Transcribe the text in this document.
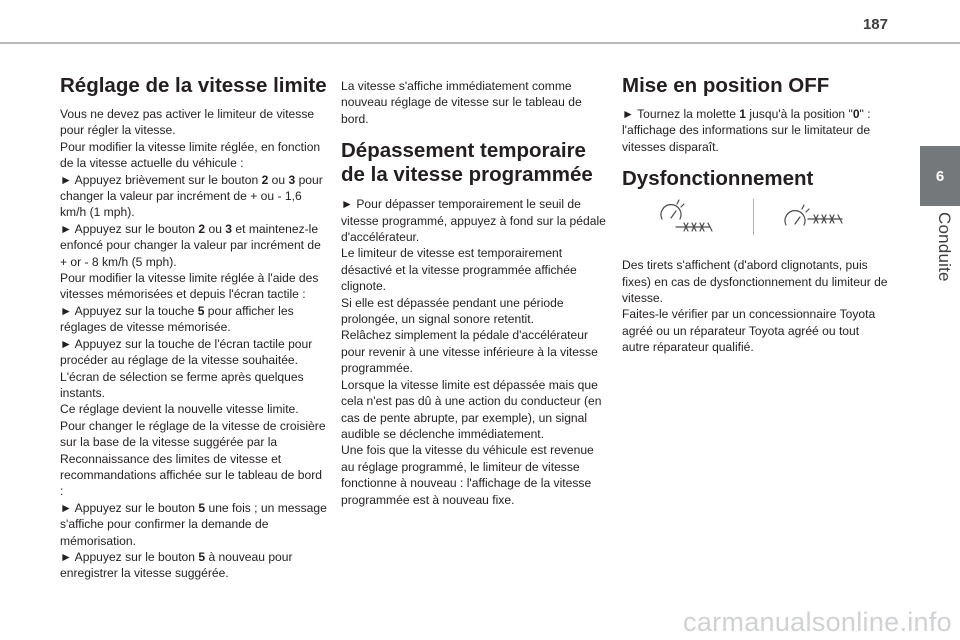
187
6
Conduite
Réglage de la vitesse limite

Vous ne devez pas activer le limiteur de vitesse pour régler la vitesse.

Pour modifier la vitesse limite réglée, en fonction de la vitesse actuelle du véhicule :

► Appuyez brièvement sur le bouton 2 ou 3 pour changer la valeur par incrément de + ou - 1,6 km/h (1 mph).

► Appuyez sur le bouton 2 ou 3 et maintenez-le enfoncé pour changer la valeur par incrément de + or - 8 km/h (5 mph).

Pour modifier la vitesse limite réglée à l'aide des vitesses mémorisées et depuis l'écran tactile :

► Appuyez sur la touche 5 pour afficher les réglages de vitesse mémorisée.

► Appuyez sur la touche de l'écran tactile pour procéder au réglage de la vitesse souhaitée.

L'écran de sélection se ferme après quelques instants.

Ce réglage devient la nouvelle vitesse limite.

Pour changer le réglage de la vitesse de croisière sur la base de la vitesse suggérée par la Reconnaissance des limites de vitesse et recommandations affichée sur le tableau de bord :

► Appuyez sur le bouton 5 une fois ; un message s'affiche pour confirmer la demande de mémorisation.

► Appuyez sur le bouton 5 à nouveau pour enregistrer la vitesse suggérée.

La vitesse s'affiche immédiatement comme nouveau réglage de vitesse sur le tableau de bord.

Dépassement temporaire de la vitesse programmée

► Pour dépasser temporairement le seuil de vitesse programmé, appuyez à fond sur la pédale d'accélérateur.

Le limiteur de vitesse est temporairement désactivé et la vitesse programmée affichée clignote.

Si elle est dépassée pendant une période prolongée, un signal sonore retentit.

Relâchez simplement la pédale d'accélérateur pour revenir à une vitesse inférieure à la vitesse programmée.

Lorsque la vitesse limite est dépassée mais que cela n'est pas dû à une action du conducteur (en cas de pente abrupte, par exemple), un signal audible se déclenche immédiatement.

Une fois que la vitesse du véhicule est revenue au réglage programmé, le limiteur de vitesse fonctionne à nouveau : l'affichage de la vitesse programmée est à nouveau fixe.

Mise en position OFF

► Tournez la molette 1 jusqu'à la position "0" : l'affichage des informations sur le limitateur de vitesses disparaît.

Dysfonctionnement

Des tirets s'affichent (d'abord clignotants, puis fixes) en cas de dysfonctionnement du limiteur de vitesse.

Faites-le vérifier par un concessionnaire Toyota agréé ou un réparateur Toyota agréé ou tout autre réparateur qualifié.

carmanualsonline.info
